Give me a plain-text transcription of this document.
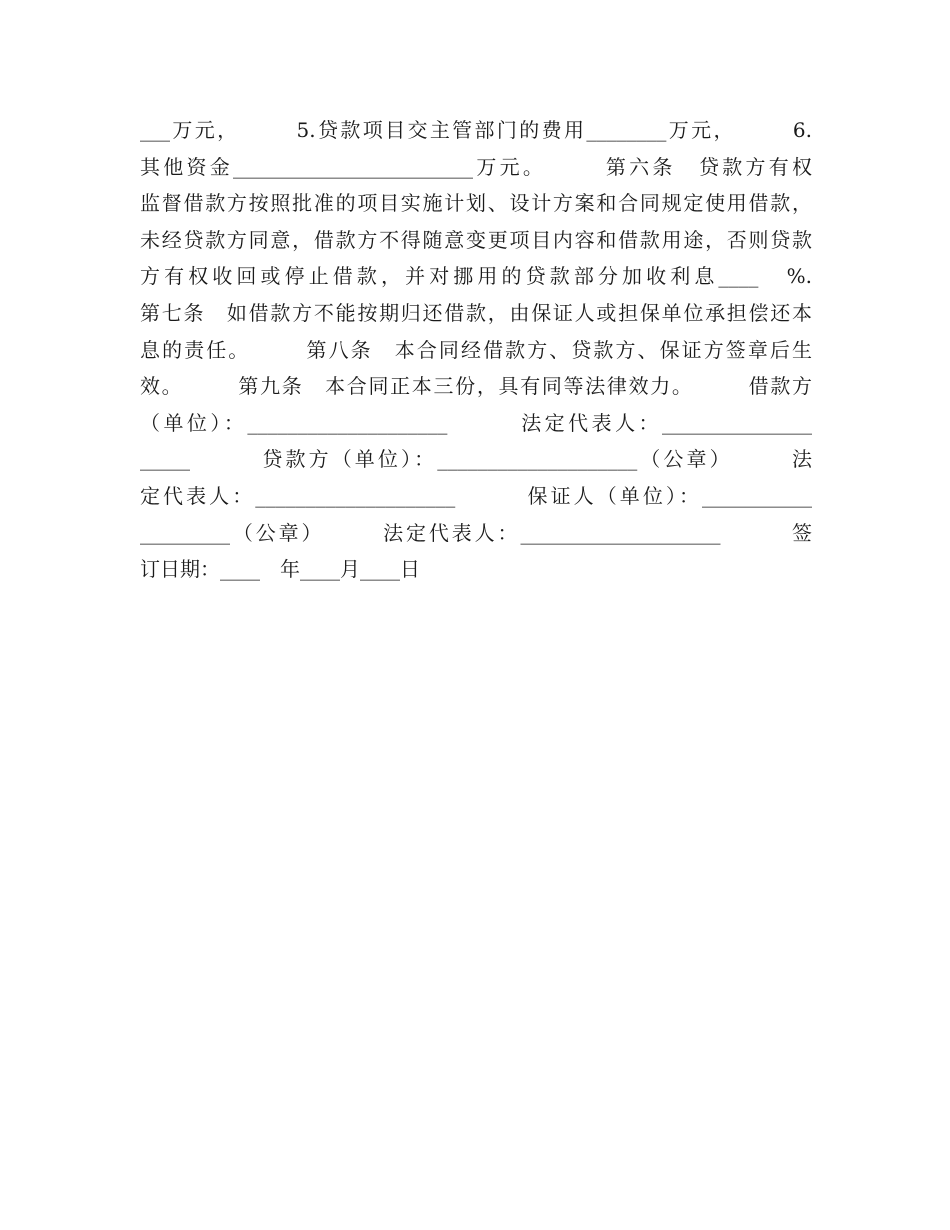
___万元，　　　5.贷款项目交主管部门的费用________万元，　　　6.
其他资金________________________万元。　　　第六条　贷款方有权
监督借款方按照批准的项目实施计划、设计方案和合同规定使用借款，
未经贷款方同意，借款方不得随意变更项目内容和借款用途，否则贷款
方有权收回或停止借款，并对挪用的贷款部分加收利息____　%.
第七条　如借款方不能按期归还借款，由保证人或担保单位承担偿还本
息的责任。　　　第八条　本合同经借款方、贷款方、保证方签章后生
效。　　　第九条　本合同正本三份，具有同等法律效力。　　　借款方
（单位）：____________________　　　法定代表人：_______________
_____　　　贷款方（单位）：____________________（公章）　　　法
定代表人：____________________　　　保证人（单位）：___________
_________（公章）　　　法定代表人：____________________　　　签
订日期：____　年____月____日
